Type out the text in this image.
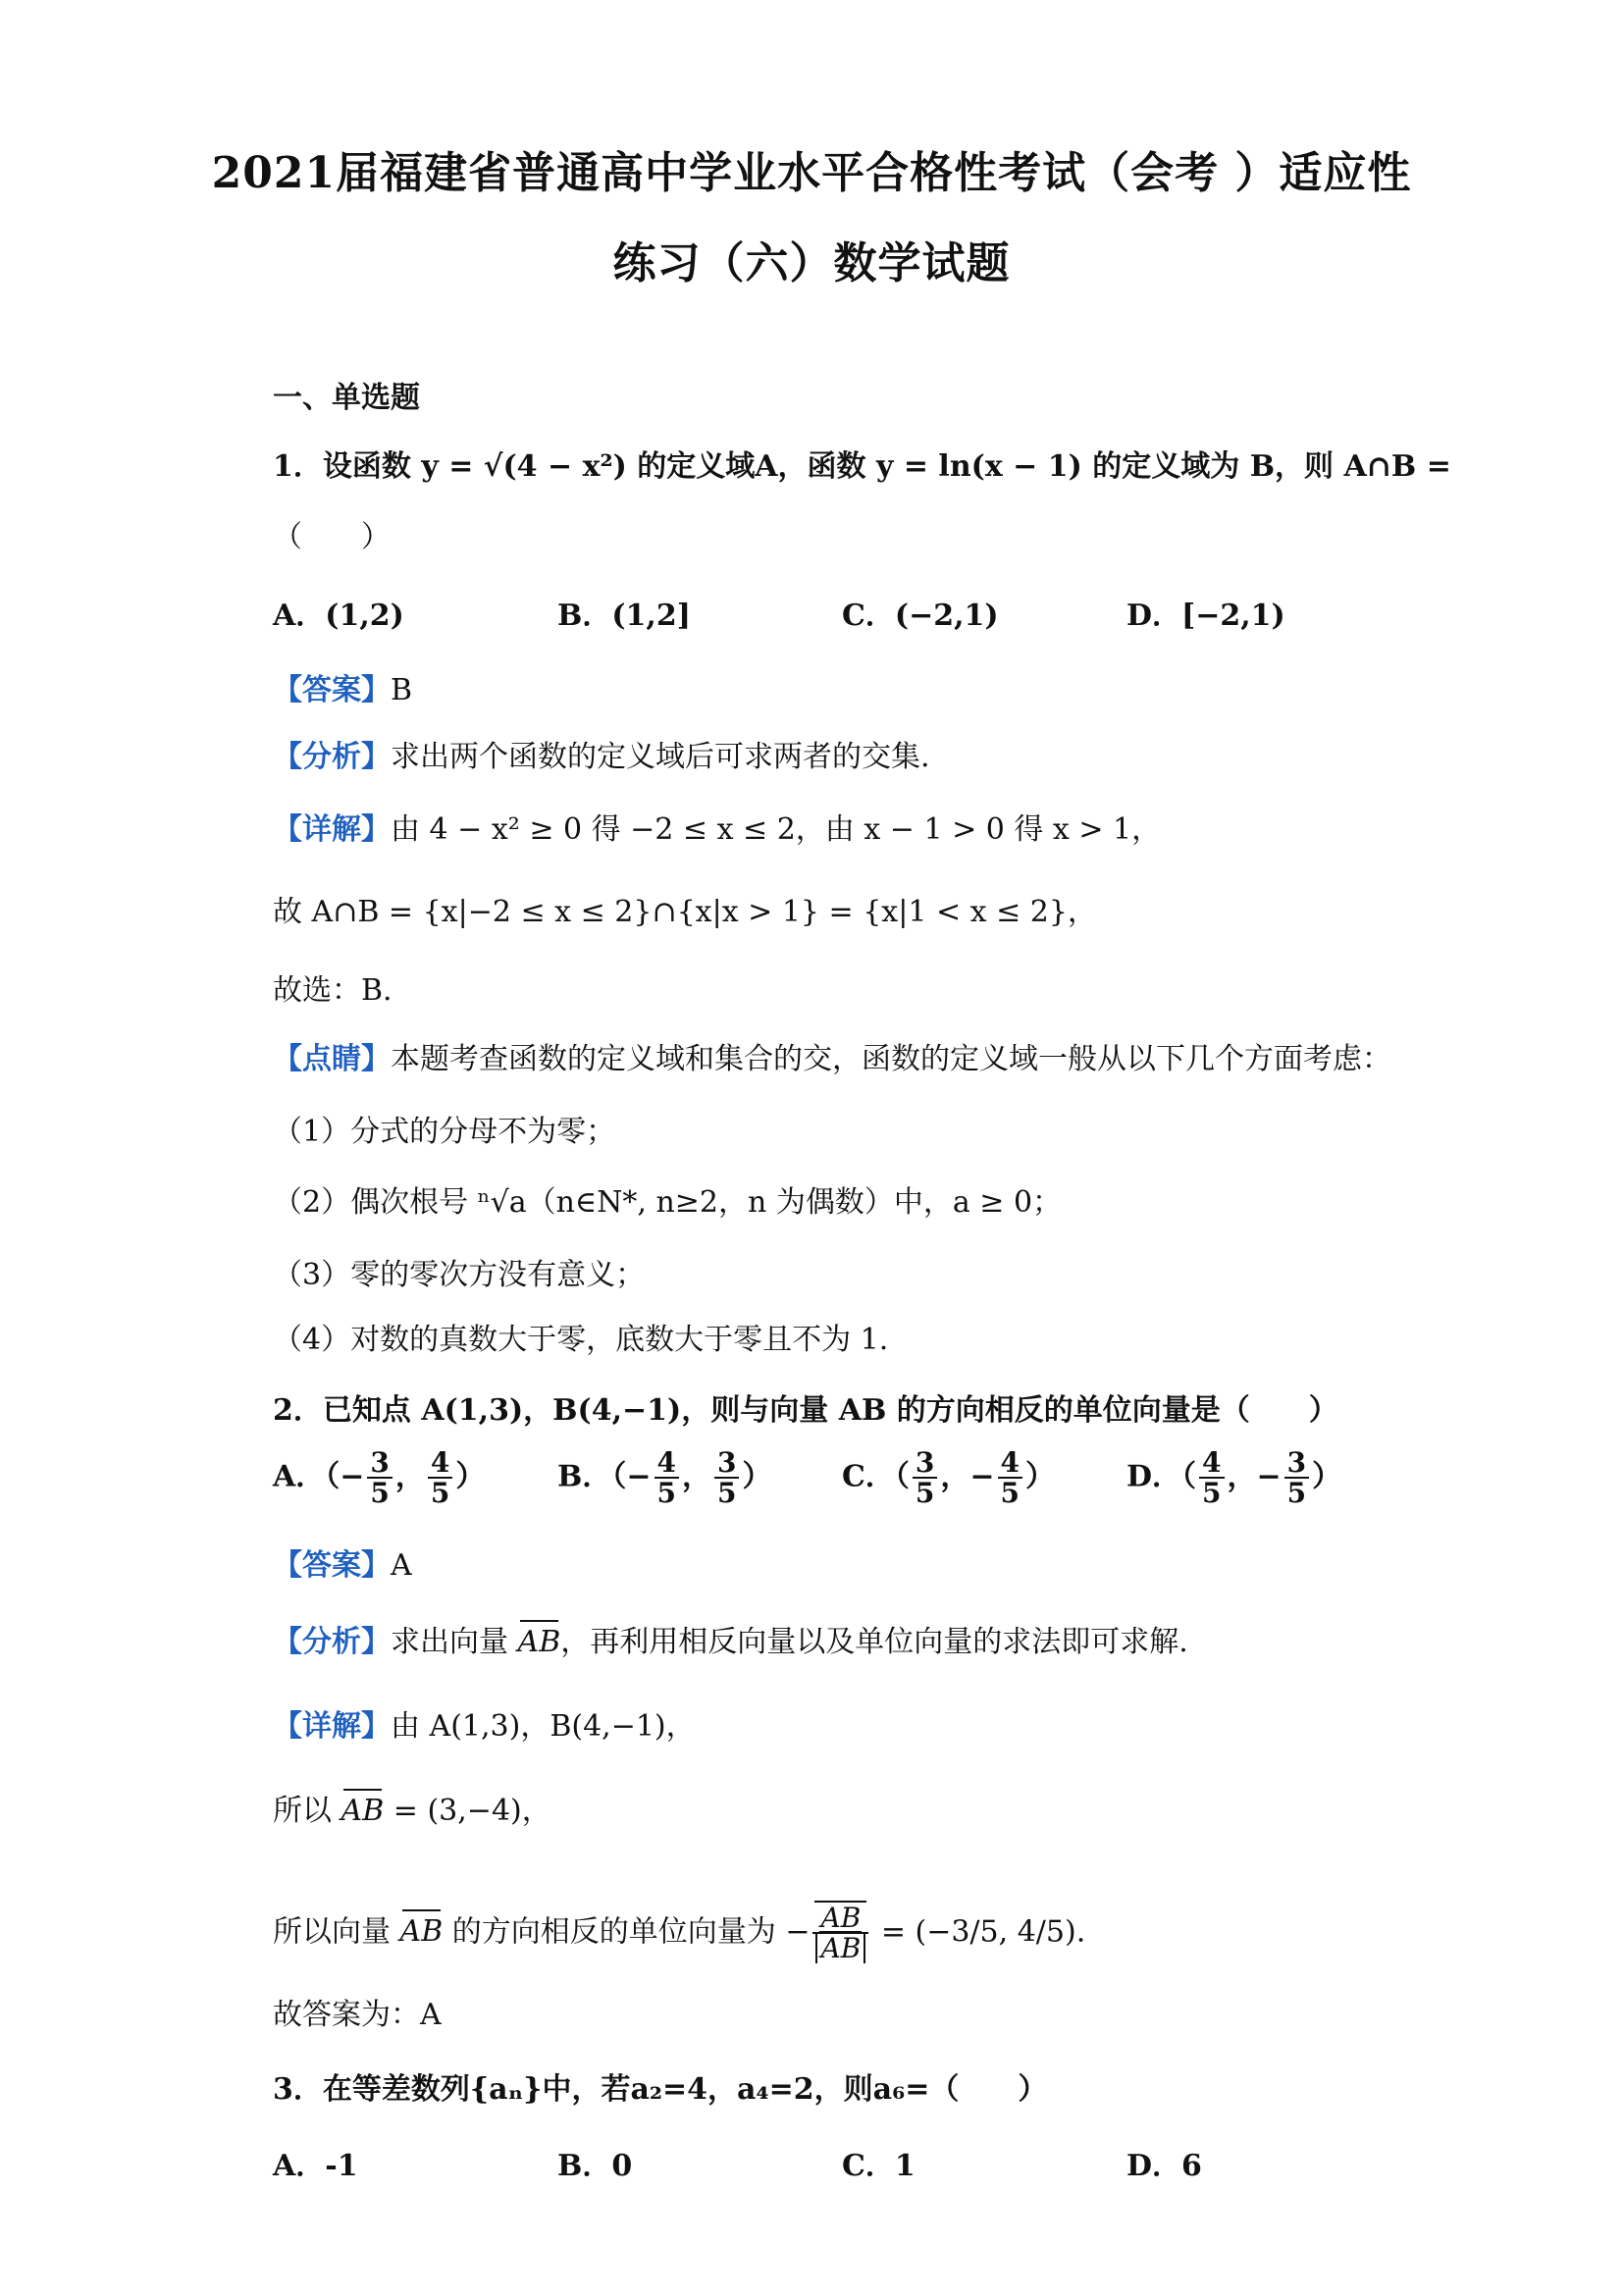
2021届福建省普通高中学业水平合格性考试（会考 ）适应性
练习（六）数学试题
一、单选题
1．设函数 y = √(4 − x²) 的定义域A，函数 y = ln(x − 1) 的定义域为 B，则 A∩B =
（　　）
A．(1,2)	B．(1,2]	C．(−2,1)	D．[−2,1)
【答案】B
【分析】求出两个函数的定义域后可求两者的交集.
【详解】由 4 − x² ≥ 0 得 −2 ≤ x ≤ 2，由 x − 1 > 0 得 x > 1，
故 A∩B = {x|−2 ≤ x ≤ 2}∩{x|x > 1} = {x|1 < x ≤ 2}，
故选：B.
【点睛】本题考查函数的定义域和集合的交，函数的定义域一般从以下几个方面考虑：
（1）分式的分母不为零；
（2）偶次根号 ⁿ√a（n∈N*, n≥2，n 为偶数）中，a ≥ 0；
（3）零的零次方没有意义；
（4）对数的真数大于零，底数大于零且不为 1.
2．已知点 A(1,3)，B(4,−1)，则与向量 AB 的方向相反的单位向量是（　　）
A．（− $\frac{3}{5}$ ， $\frac{4}{5}$ ） B．（− $\frac{4}{5}$ ， $\frac{3}{5}$ ） C．（ $\frac{3}{5}$ ，− $\frac{4}{5}$ ） D．（ $\frac{4}{5}$ ，− $\frac{3}{5}$ ）
【答案】A
【分析】求出向量 AB，再利用相反向量以及单位向量的求法即可求解.
【详解】由 A(1,3)，B(4,−1)，
所以 AB = (3,−4)，
所以向量 AB 的方向相反的单位向量为 − $\frac{AB}{AB} = (-3/5$, 4/5).
故答案为：A
3．在等差数列{aₙ}中，若a₂=4，a₄=2，则a₆=（　　）
A．-1	B．0	C．1	D．6
